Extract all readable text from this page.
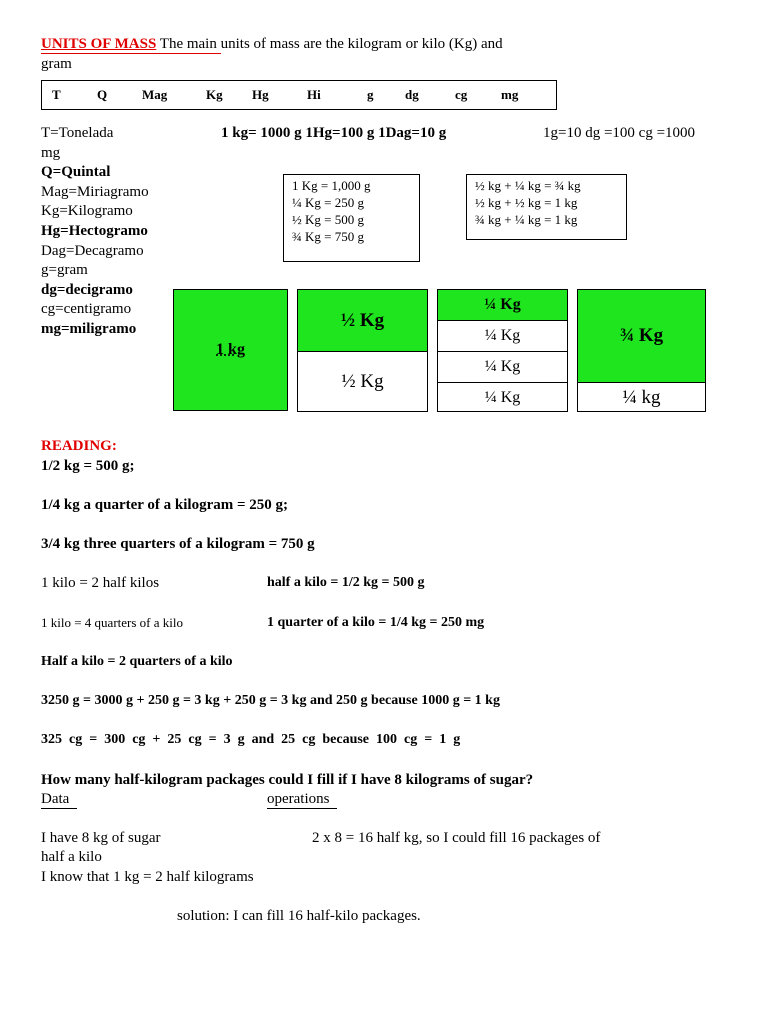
UNITS OF MASS The main units of mass are the kilogram or kilo (Kg) and
gram
T	Q	Mag	Kg Hg	Hi	g dg	cg	mg
T=Tonelada	1 kg= 1000 g 1Hg=100 g 1Dag=10 g	1g=10 dg =100 cg =1000
mg
Q=Quintal
Mag=Miriagramo
Kg=Kilogramo
Hg=Hectogramo
Dag=Decagramo
g=gram
dg=decigramo
cg=centigramo
mg=miligramo
1 Kg = 1,000 g
¼ Kg = 250 g
½ Kg = 500 g
¾ Kg = 750 g
½ kg + ¼ kg = ¾ kg
½ kg + ½ kg = 1 kg
¾ kg + ¼ kg = 1 kg
1 kg
½ Kg
½ Kg
¼ Kg
¼ Kg
¼ Kg
¼ Kg
¾ Kg
¼ kg
READING:
1/2 kg = 500 g;
1/4 kg a quarter of a kilogram = 250 g;
3/4 kg three quarters of a kilogram = 750 g
1 kilo = 2 half kilos	half a kilo = 1/2 kg = 500 g
1 kilo = 4 quarters of a kilo	1 quarter of a kilo = 1/4 kg = 250 mg
Half a kilo = 2 quarters of a kilo
3250 g = 3000 g + 250 g = 3 kg + 250 g = 3 kg and 250 g because 1000 g = 1 kg
325  cg  =  300  cg  +  25  cg  =  3  g  and  25  cg  because  100  cg  =  1  g
How many half-kilogram packages could I fill if I have 8 kilograms of sugar?
Data	operations
I have 8 kg of sugar	2 x 8 = 16 half kg, so I could fill 16 packages of
half a kilo
I know that 1 kg = 2 half kilograms
solution: I can fill 16 half-kilo packages.
